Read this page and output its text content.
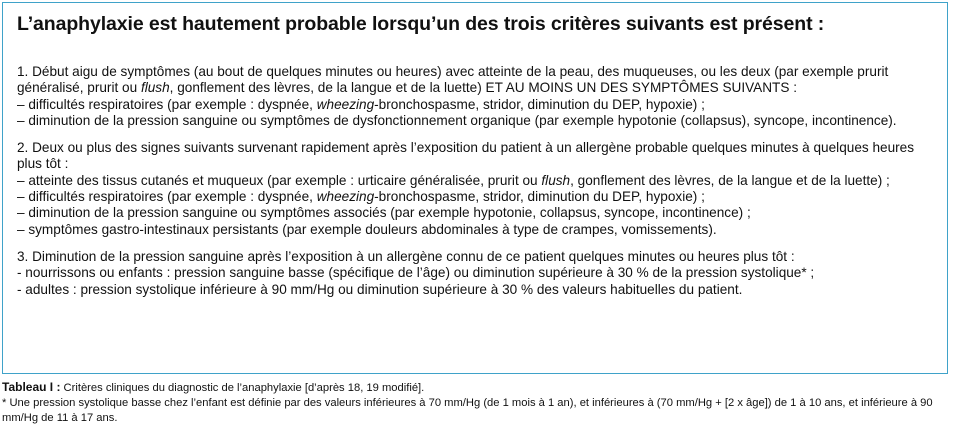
L’anaphylaxie est hautement probable lorsqu’un des trois critères suivants est présent :
1. Début aigu de symptômes (au bout de quelques minutes ou heures) avec atteinte de la peau, des muqueuses, ou les deux (par exemple prurit généralisé, prurit ou flush, gonflement des lèvres, de la langue et de la luette) ET AU MOINS UN DES SYMPTÔMES SUIVANTS :
– difficultés respiratoires (par exemple : dyspnée, wheezing-bronchospasme, stridor, diminution du DEP, hypoxie) ;
– diminution de la pression sanguine ou symptômes de dysfonctionnement organique (par exemple hypotonie (collapsus), syncope, incontinence).
2. Deux ou plus des signes suivants survenant rapidement après l’exposition du patient à un allergène probable quelques minutes à quelques heures plus tôt :
– atteinte des tissus cutanés et muqueux (par exemple : urticaire généralisée, prurit ou flush, gonflement des lèvres, de la langue et de la luette) ;
– difficultés respiratoires (par exemple : dyspnée, wheezing-bronchospasme, stridor, diminution du DEP, hypoxie) ;
– diminution de la pression sanguine ou symptômes associés (par exemple hypotonie, collapsus, syncope, incontinence) ;
– symptômes gastro-intestinaux persistants (par exemple douleurs abdominales à type de crampes, vomissements).
3. Diminution de la pression sanguine après l’exposition à un allergène connu de ce patient quelques minutes ou heures plus tôt :
- nourrissons ou enfants : pression sanguine basse (spécifique de l’âge) ou diminution supérieure à 30 % de la pression systolique* ;
- adultes : pression systolique inférieure à 90 mm/Hg ou diminution supérieure à 30 % des valeurs habituelles du patient.
Tableau I : Critères cliniques du diagnostic de l’anaphylaxie [d’après 18, 19 modifié].
* Une pression systolique basse chez l’enfant est définie par des valeurs inférieures à 70 mm/Hg (de 1 mois à 1 an), et inférieures à (70 mm/Hg + [2 x âge]) de 1 à 10 ans, et inférieure à 90 mm/Hg de 11 à 17 ans.
